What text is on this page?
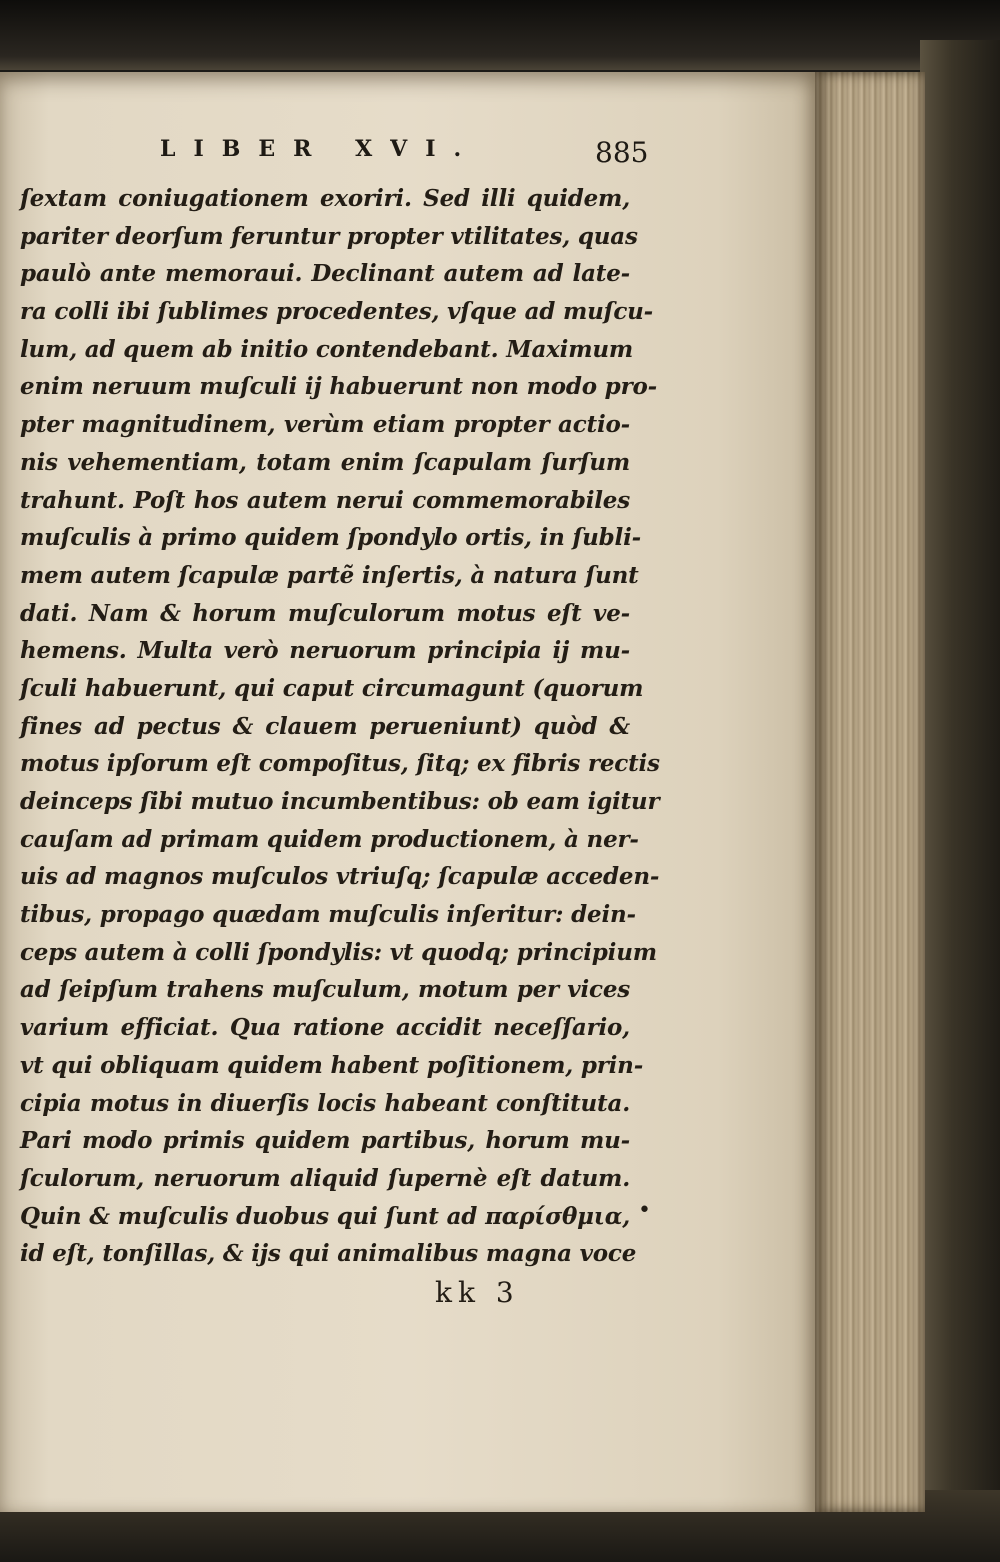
LIBER XVI.	885
ſextam coniugationem exoriri. Sed illi quidem,
pariter deorſum feruntur propter vtilitates, quas
paulò ante memoraui. Declinant autem ad late-
ra colli ibi ſublimes procedentes, vſque ad muſcu-
lum, ad quem ab initio contendebant. Maximum
enim neruum muſculi ij habuerunt non modo pro-
pter magnitudinem, verùm etiam propter actio-
nis vehementiam, totam enim ſcapulam ſurſum
trahunt. Poſt hos autem nerui commemorabiles
muſculis à primo quidem ſpondylo ortis, in ſubli-
mem autem ſcapulæ partẽ inſertis, à natura ſunt
dati. Nam & horum muſculorum motus eſt ve-
hemens. Multa verò neruorum principia ij mu-
ſculi habuerunt, qui caput circumagunt (quorum
fines ad pectus & clauem perueniunt) quòd &
motus ipſorum eſt compoſitus, ſitq; ex fibris rectis
deinceps ſibi mutuo incumbentibus: ob eam igitur
cauſam ad primam quidem productionem, à ner-
uis ad magnos muſculos vtriuſq; ſcapulæ acceden-
tibus, propago quædam muſculis inſeritur: dein-
ceps autem à colli ſpondylis: vt quodq; principium
ad ſeipſum trahens muſculum, motum per vices
varium efficiat. Qua ratione accidit neceſſario,
vt qui obliquam quidem habent poſitionem, prin-
cipia motus in diuerſis locis habeant conſtituta.
Pari modo primis quidem partibus, horum mu-
ſculorum, neruorum aliquid ſupernè eſt datum.
Quin & muſculis duobus qui ſunt ad παρίσθμια,
id eſt, tonſillas, & ijs qui animalibus magna voce
•
kk 3
